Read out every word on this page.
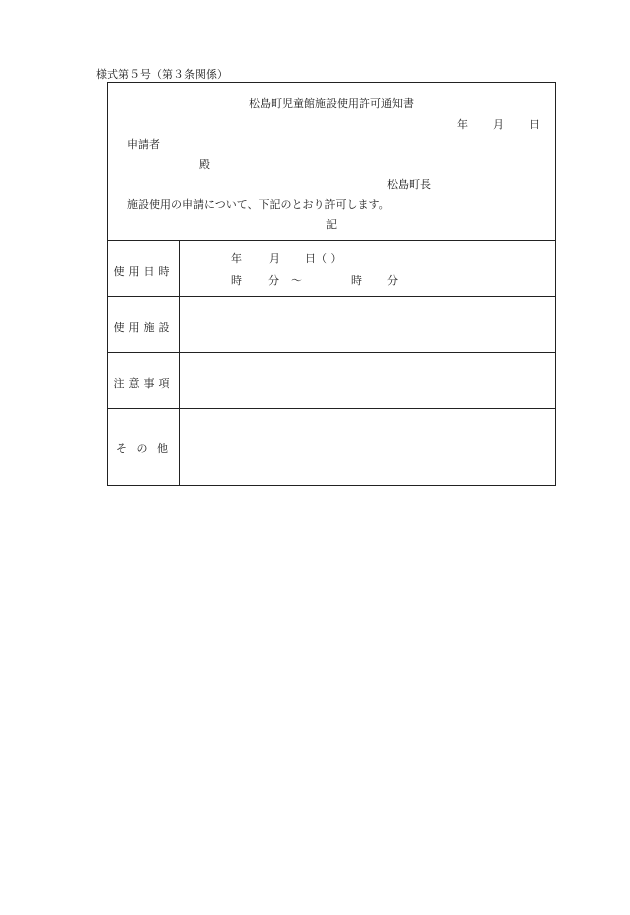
様式第５号（第３条関係）
松島町児童館施設使用許可通知書
年 月 日
申請者
殿
松島町長
施設使用の申請について、下記のとおり許可します。
記
使用日時
年 月 日（ ）
時 分 ～	時 分
使用施設
注意事項
そ の 他
